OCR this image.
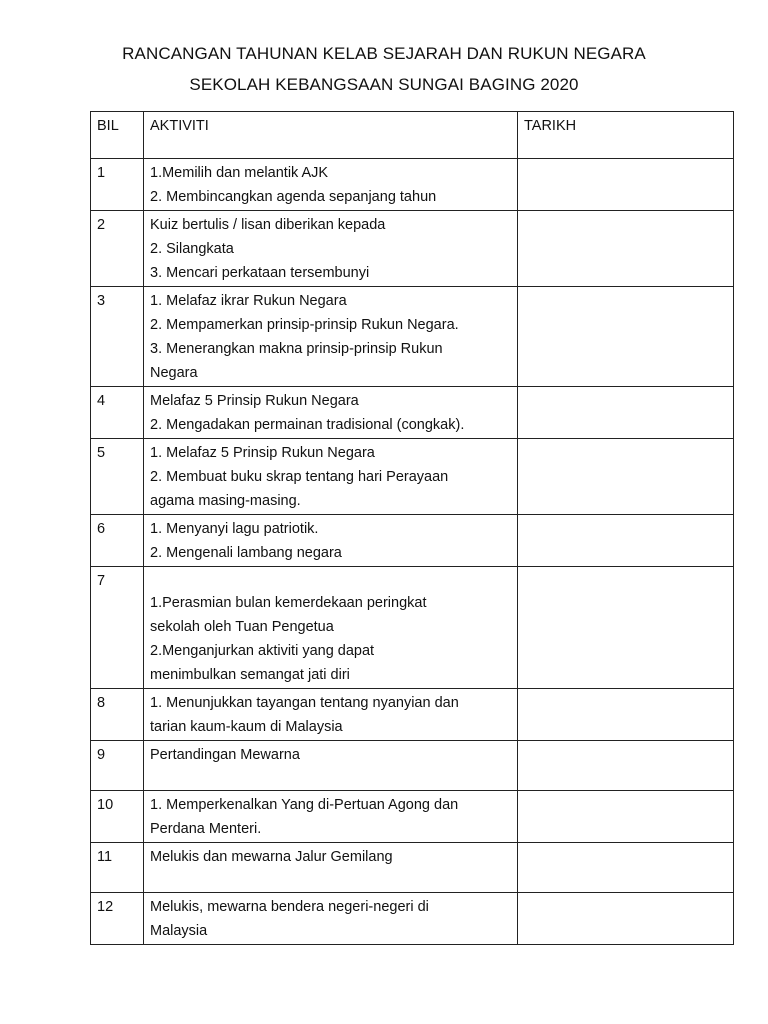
RANCANGAN TAHUNAN KELAB SEJARAH DAN RUKUN NEGARA
SEKOLAH KEBANGSAAN SUNGAI BAGING 2020
BIL	AKTIVITI	TARIKH
1	1.Memilih dan melantik AJK
2. Membincangkan agenda sepanjang tahun	

2	Kuiz bertulis / lisan diberikan kepada
2. Silangkata
3. Mencari perkataan tersembunyi	

3	1. Melafaz ikrar Rukun Negara
2. Mempamerkan prinsip-prinsip Rukun Negara.
3. Menerangkan makna prinsip-prinsip Rukun
Negara	

4	Melafaz 5 Prinsip Rukun Negara
2. Mengadakan permainan tradisional (congkak).	

5	1. Melafaz 5 Prinsip Rukun Negara
2. Membuat buku skrap tentang hari Perayaan
agama masing-masing.	

6	1. Menyanyi lagu patriotik.
2. Mengenali lambang negara	

7	1.Perasmian bulan kemerdekaan peringkat
sekolah oleh Tuan Pengetua
2.Menganjurkan aktiviti yang dapat
menimbulkan semangat jati diri	

8	1. Menunjukkan tayangan tentang nyanyian dan
tarian kaum-kaum di Malaysia	

9	Pertandingan Mewarna	

10	1. Memperkenalkan Yang di-Pertuan Agong dan
Perdana Menteri.	

11	Melukis dan mewarna Jalur Gemilang	

12	Melukis, mewarna bendera negeri-negeri di
Malaysia	
